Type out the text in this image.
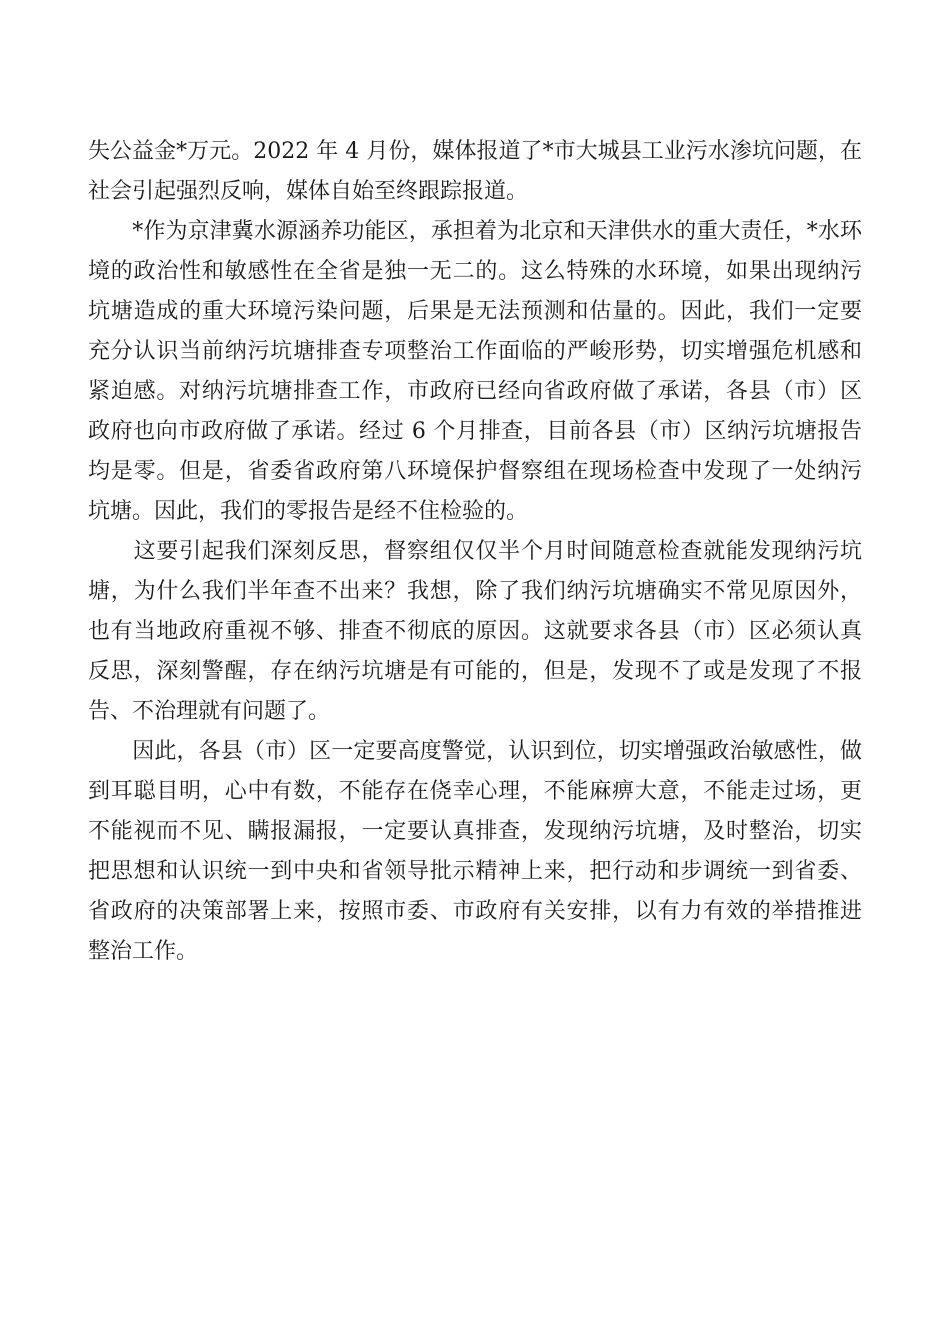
失公益金*万元。2022 年 4 月份，媒体报道了*市大城县工业污水渗坑问题，在
社会引起强烈反响，媒体自始至终跟踪报道。
　　*作为京津冀水源涵养功能区，承担着为北京和天津供水的重大责任，*水环
境的政治性和敏感性在全省是独一无二的。这么特殊的水环境，如果出现纳污
坑塘造成的重大环境污染问题，后果是无法预测和估量的。因此，我们一定要
充分认识当前纳污坑塘排查专项整治工作面临的严峻形势，切实增强危机感和
紧迫感。对纳污坑塘排查工作，市政府已经向省政府做了承诺，各县（市）区
政府也向市政府做了承诺。经过 6 个月排查，目前各县（市）区纳污坑塘报告
均是零。但是，省委省政府第八环境保护督察组在现场检查中发现了一处纳污
坑塘。因此，我们的零报告是经不住检验的。
　　这要引起我们深刻反思，督察组仅仅半个月时间随意检查就能发现纳污坑
塘，为什么我们半年查不出来？我想，除了我们纳污坑塘确实不常见原因外，
也有当地政府重视不够、排查不彻底的原因。这就要求各县（市）区必须认真
反思，深刻警醒，存在纳污坑塘是有可能的，但是，发现不了或是发现了不报
告、不治理就有问题了。
　　因此，各县（市）区一定要高度警觉，认识到位，切实增强政治敏感性，做
到耳聪目明，心中有数，不能存在侥幸心理，不能麻痹大意，不能走过场，更
不能视而不见、瞒报漏报，一定要认真排查，发现纳污坑塘，及时整治，切实
把思想和认识统一到中央和省领导批示精神上来，把行动和步调统一到省委、
省政府的决策部署上来，按照市委、市政府有关安排，以有力有效的举措推进
整治工作。
